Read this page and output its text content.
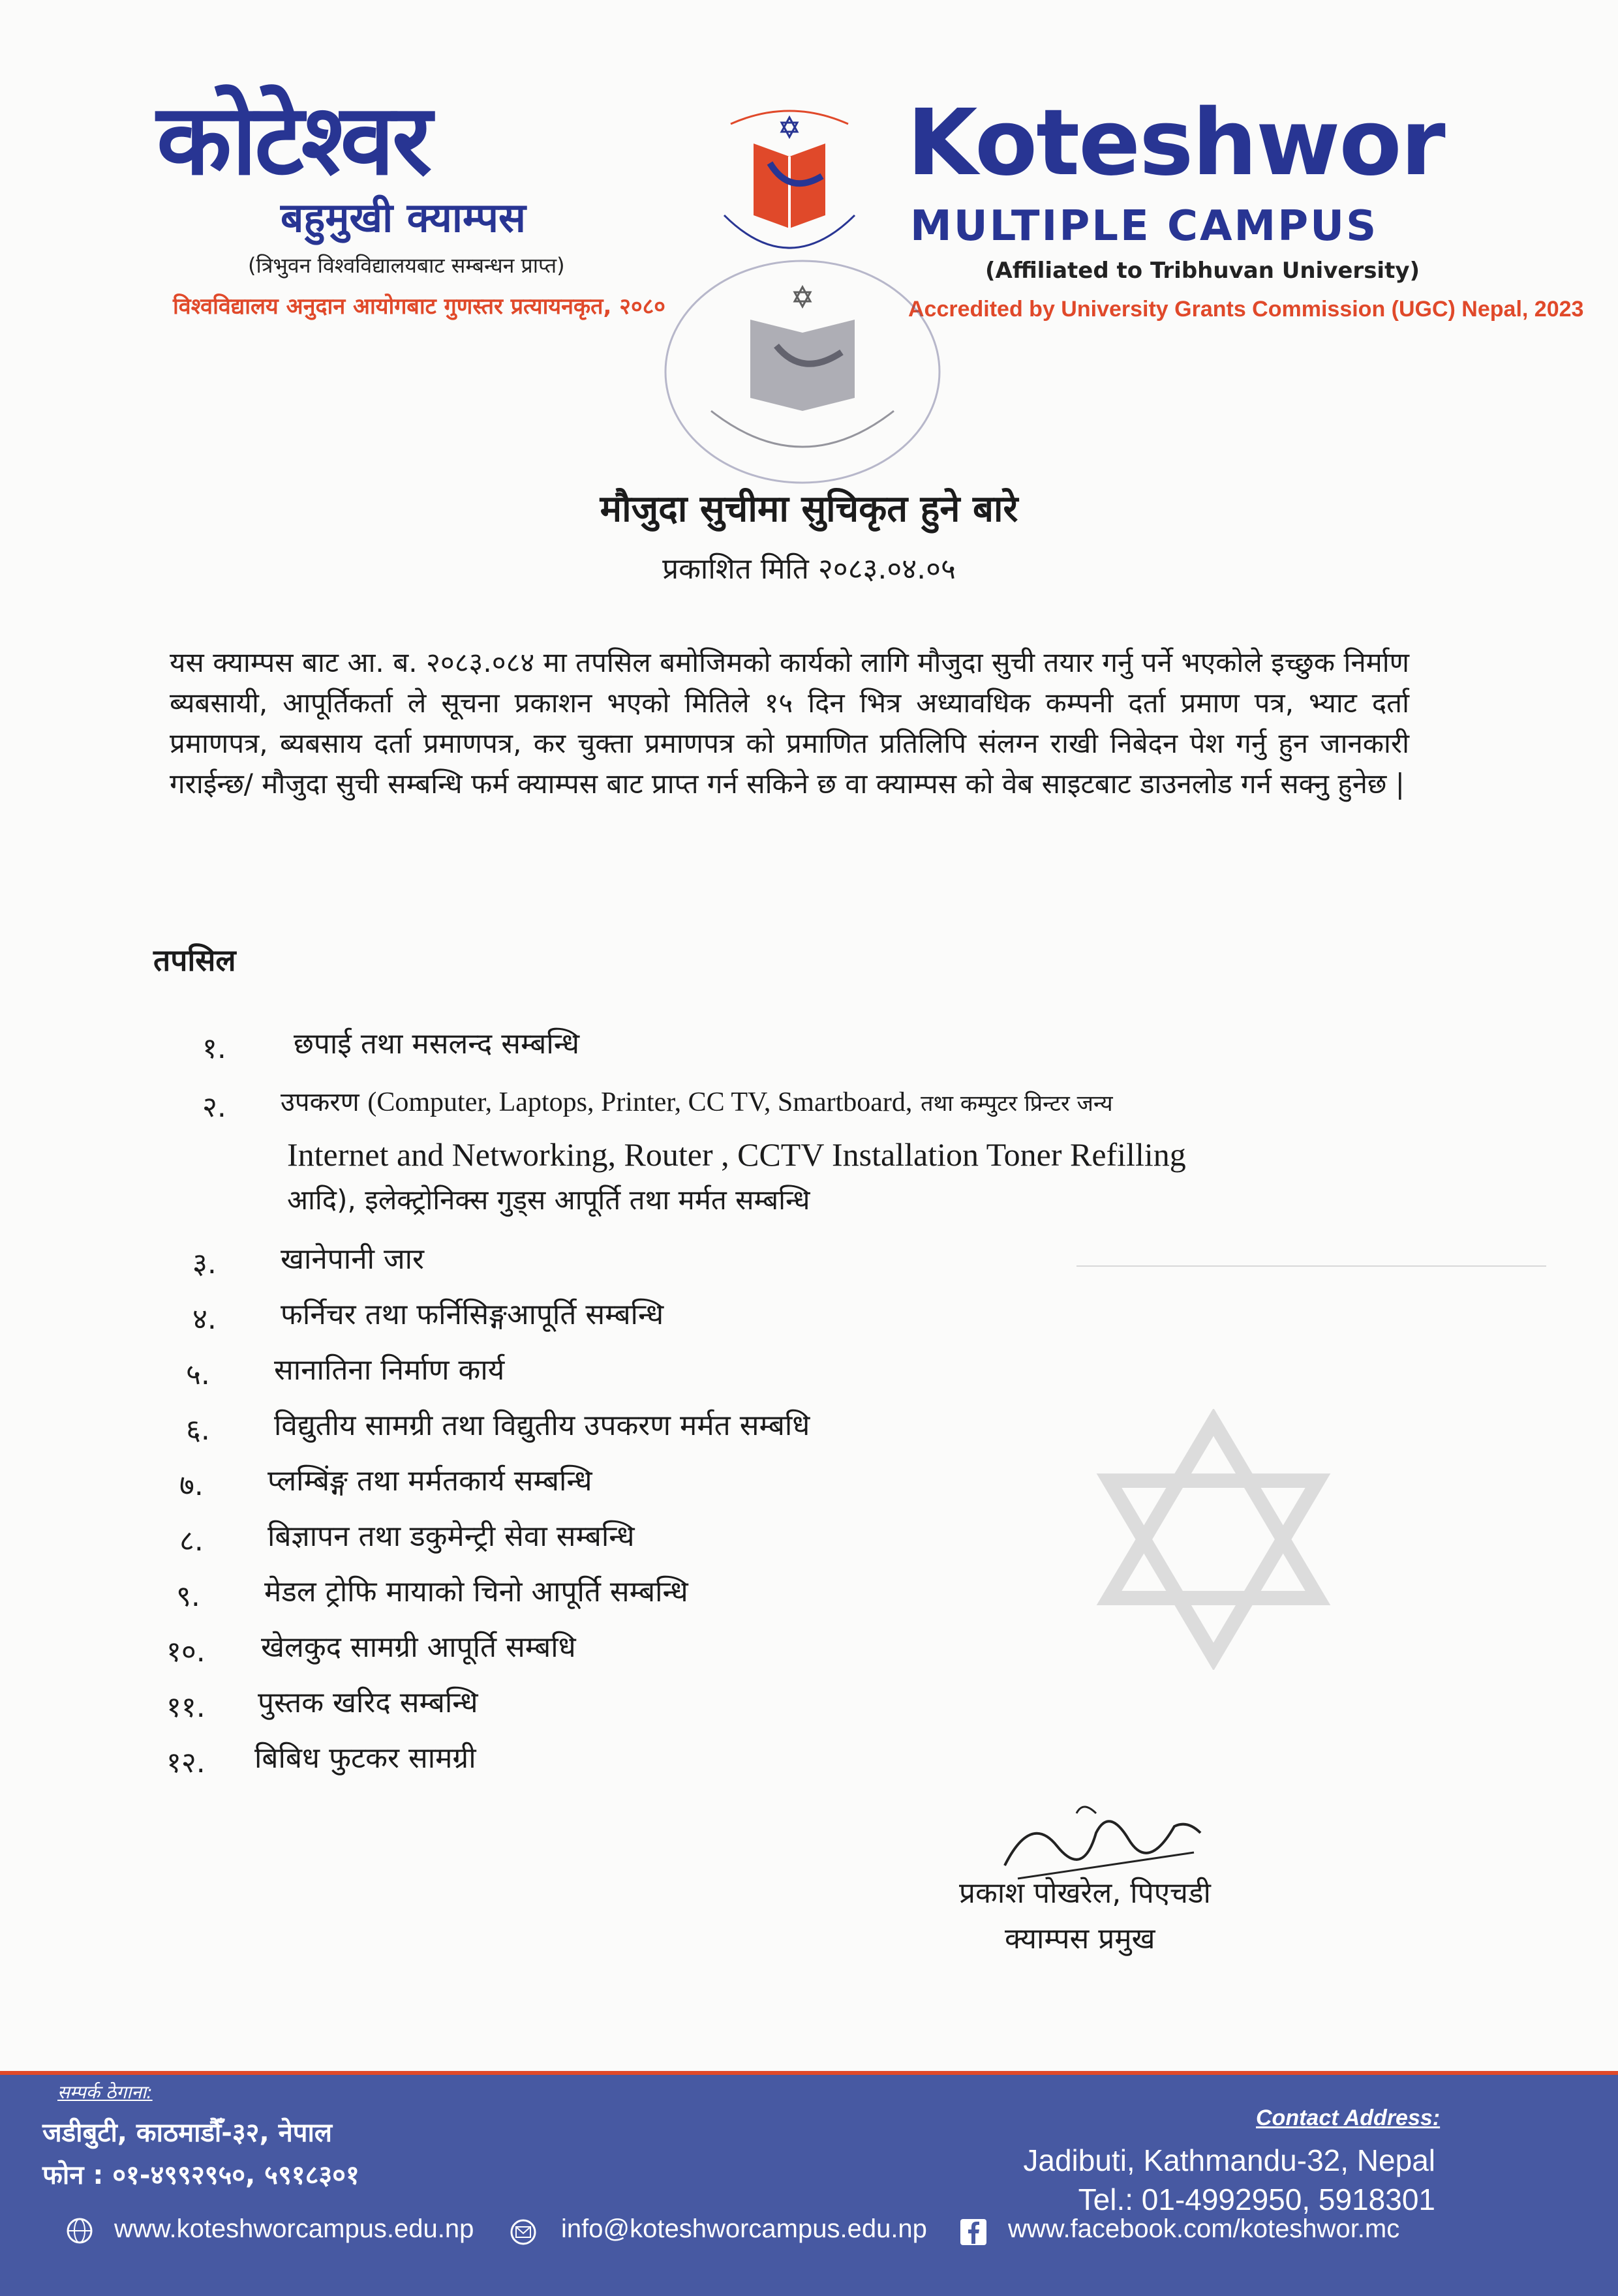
कोटेश्वर
बहुमुखी क्याम्पस
(त्रिभुवन विश्वविद्यालयबाट सम्बन्धन प्राप्त)
विश्वविद्यालय अनुदान आयोगबाट गुणस्तर प्रत्यायनकृत, २०८०
Koteshwor
MULTIPLE CAMPUS
(Affiliated to Tribhuvan University)
Accredited by University Grants Commission (UGC) Nepal, 2023
मौजुदा सुचीमा सुचिकृत हुने बारे
प्रकाशित मिति २०८३.०४.०५
यस क्याम्पस बाट आ. ब. २०८३.०८४ मा तपसिल बमोजिमको कार्यको लागि मौजुदा सुची तयार गर्नु पर्ने भएकोले इच्छुक निर्माण ब्यबसायी, आपूर्तिकर्ता ले सूचना प्रकाशन भएको मितिले १५ दिन भित्र अध्यावधिक कम्पनी दर्ता प्रमाण पत्र, भ्याट दर्ता प्रमाणपत्र, ब्यबसाय दर्ता प्रमाणपत्र, कर चुक्ता प्रमाणपत्र को प्रमाणित प्रतिलिपि संलग्न राखी निबेदन पेश गर्नु हुन जानकारी गराईन्छ/ मौजुदा सुची सम्बन्धि फर्म क्याम्पस बाट प्राप्त गर्न सकिने छ वा क्याम्पस को वेब साइटबाट डाउनलोड गर्न सक्नु हुनेछ |
तपसिल
१. छपाई तथा मसलन्द सम्बन्धि
२. उपकरण (Computer, Laptops, Printer, CC TV, Smartboard, तथा कम्पुटर प्रिन्टर जन्य
Internet and Networking, Router , CCTV Installation Toner Refilling
आदि), इलेक्ट्रोनिक्स गुड्स आपूर्ति तथा मर्मत सम्बन्धि
३. खानेपानी जार
४. फर्निचर तथा फर्निसिङ्गआपूर्ति सम्बन्धि
५. सानातिना निर्माण कार्य
६. विद्युतीय सामग्री तथा विद्युतीय उपकरण मर्मत सम्बधि
७. प्लम्बिंङ्ग तथा मर्मतकार्य सम्बन्धि
८. बिज्ञापन तथा डकुमेन्ट्री सेवा सम्बन्धि
९. मेडल ट्रोफि मायाको चिनो आपूर्ति सम्बन्धि
१०. खेलकुद सामग्री आपूर्ति सम्बधि
११. पुस्तक खरिद सम्बन्धि
१२. बिबिध फुटकर सामग्री
प्रकाश पोखरेल, पिएचडी
क्याम्पस प्रमुख
सम्पर्क ठेगाना:
जडीबुटी, काठमाडौँ-३२, नेपाल
फोन : ०१-४९९२९५०, ५९१८३०१
Contact Address:
Jadibuti, Kathmandu-32, Nepal
Tel.: 01-4992950, 5918301
www.koteshworcampus.edu.np	info@koteshworcampus.edu.np	www.facebook.com/koteshwor.mc
